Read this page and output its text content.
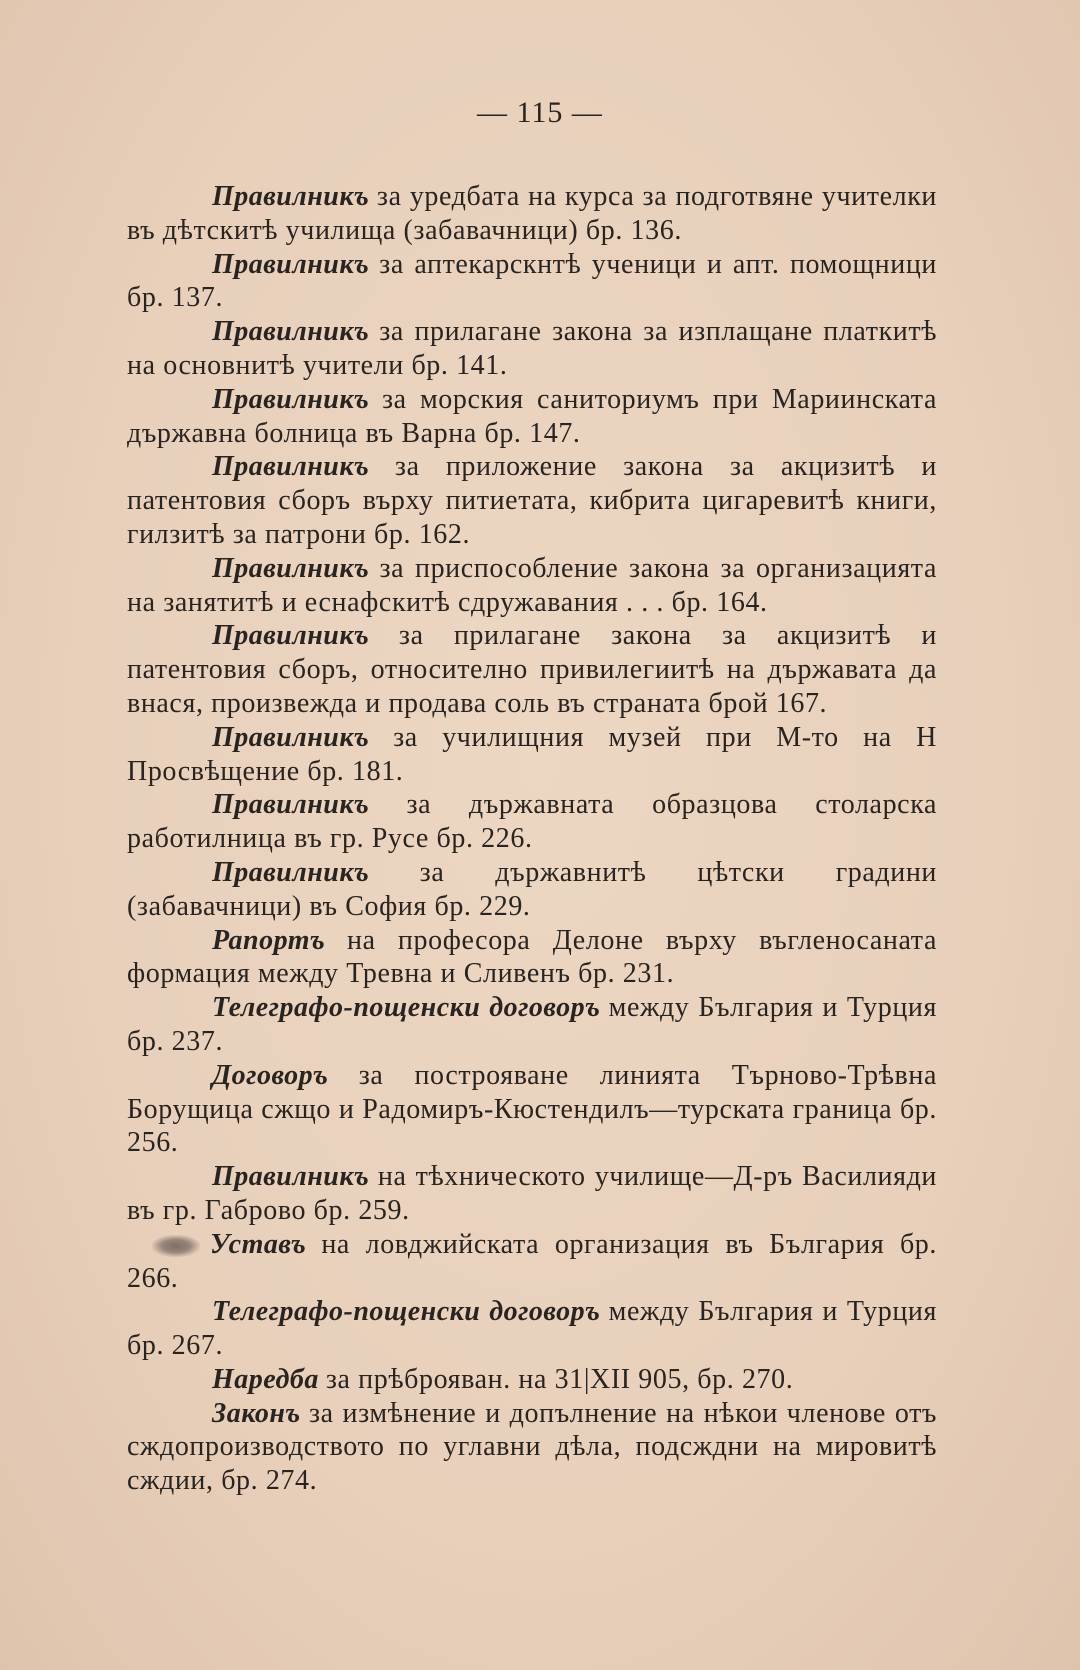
— 115 —

Правилникъ за уредбата на курса за подготвяне учителки въ дѣтскитѣ училища (забавачници) бр. 136.

Правилникъ за аптекарскнтѣ ученици и апт. помощници бр. 137.

Правилникъ за прилагане закона за изплащане платкитѣ на основнитѣ учители бр. 141.

Правилникъ за морския саниториумъ при Мариинската държавна болница въ Варна бр. 147.

Правилникъ за приложение закона за акцизитѣ и патентовия сборъ върху питиетата, кибрита цигаревитѣ книги, гилзитѣ за патрони бр. 162.

Правилникъ за приспособление закона за организацията на занятитѣ и еснафскитѣ сдружавания . . . бр. 164.

Правилникъ за прилагане закона за акцизитѣ и патентовия сборъ, относително привилегиитѣ на държавата да внася, произвежда и продава соль въ страната брой 167.

Правилникъ за училищния музей при М-то на Н Просвѣщение бр. 181.

Правилникъ за държавната образцова столарска работилница въ гр. Русе бр. 226.

Правилникъ за държавнитѣ цѣтски градини (забавачници) въ София бр. 229.

Рапортъ на професора Делоне върху въгленосаната формация между Тревна и Сливенъ бр. 231.

Телеграфо-пощенски договоръ между България и Турция бр. 237.

Договоръ за построяване линията Търново-Трѣвна Борущица сжщо и Радомиръ-Кюстендилъ—турската граница бр. 256.

Правилникъ на тѣхническото училище—Д-ръ Василияди въ гр. Габрово бр. 259.

Уставъ на ловджийската организация въ България бр. 266.

Телеграфо-пощенски договоръ между България и Турция бр. 267.

Наредба за прѣброяван. на 31|XII 905, бр. 270.

Законъ за измѣнение и допълнение на нѣкои членове отъ сждопроизводството по углавни дѣла, подсждни на мировитѣ сждии, бр. 274.
